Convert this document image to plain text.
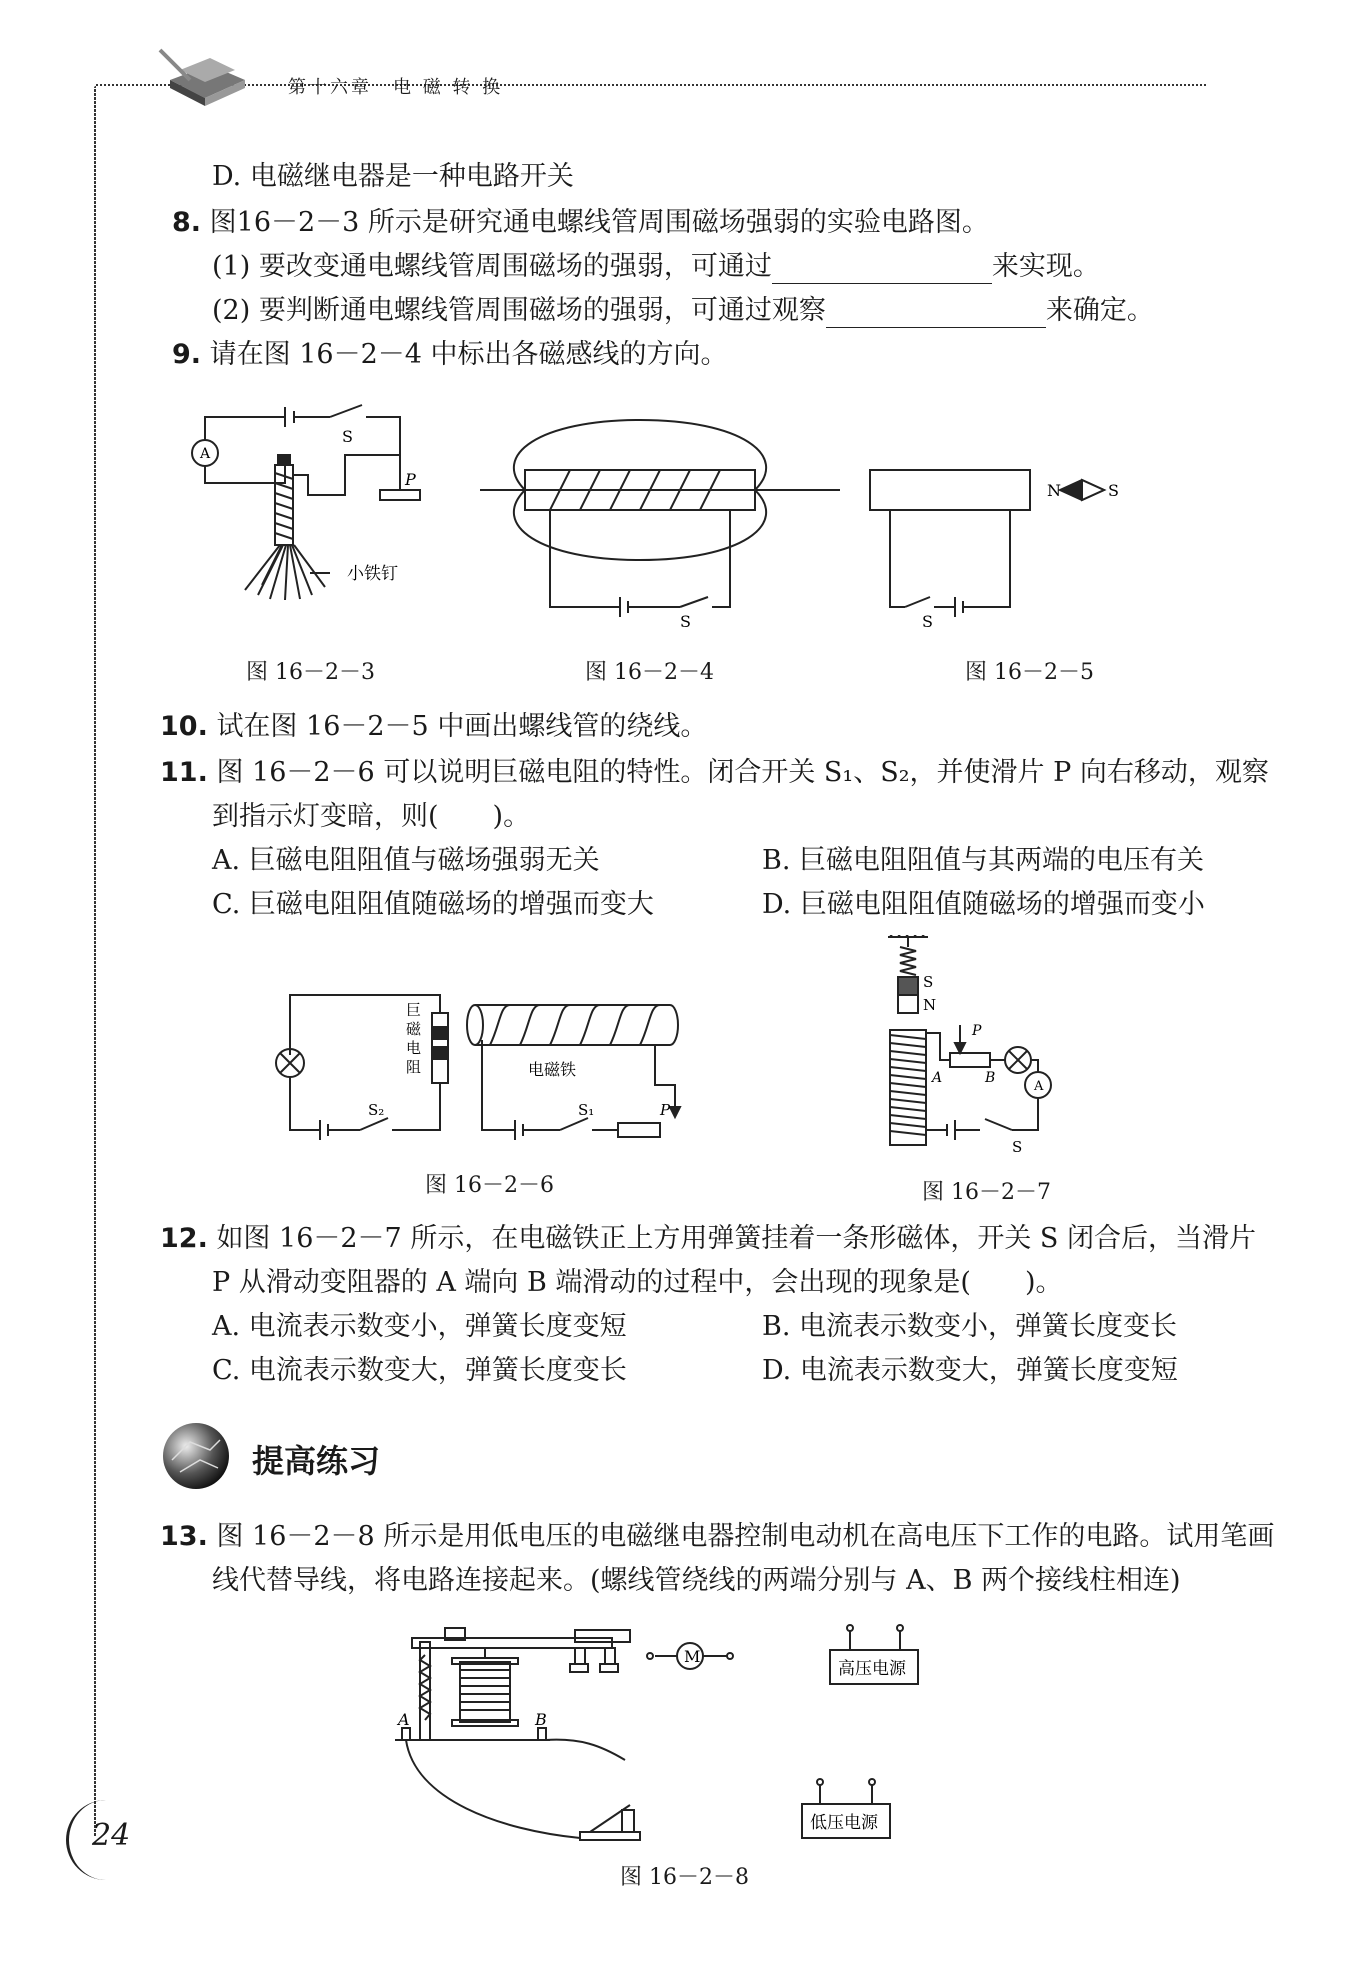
第十六章　电 磁 转 换
D. 电磁继电器是一种电路开关
8. 图16－2－3 所示是研究通电螺线管周围磁场强弱的实验电路图。
(1) 要改变通电螺线管周围磁场的强弱，可通过	来实现。
(2) 要判断通电螺线管周围磁场的强弱，可通过观察	来确定。
9. 请在图 16－2－4 中标出各磁感线的方向。
A
S
P
小铁钉
S
N	S
S
图 16－2－3	图 16－2－4	图 16－2－5
10. 试在图 16－2－5 中画出螺线管的绕线。
11. 图 16－2－6 可以说明巨磁电阻的特性。闭合开关 S₁、S₂，并使滑片 P 向右移动，观察
到指示灯变暗，则(　　)。
A. 巨磁电阻阻值与磁场强弱无关	B. 巨磁电阻阻值与其两端的电压有关
C. 巨磁电阻阻值随磁场的增强而变大	D. 巨磁电阻阻值随磁场的增强而变小
巨磁电阻	电磁铁
S₂	S₁	P
S
N
P
A	B
A
S
图 16－2－6	图 16－2－7
12. 如图 16－2－7 所示，在电磁铁正上方用弹簧挂着一条形磁体，开关 S 闭合后，当滑片
P 从滑动变阻器的 A 端向 B 端滑动的过程中，会出现的现象是(　　)。
A. 电流表示数变小，弹簧长度变短	B. 电流表示数变小，弹簧长度变长
C. 电流表示数变大，弹簧长度变长	D. 电流表示数变大，弹簧长度变短
提高练习
13. 图 16－2－8 所示是用低电压的电磁继电器控制电动机在高电压下工作的电路。试用笔画
线代替导线，将电路连接起来。(螺线管绕线的两端分别与 A、B 两个接线柱相连)
M
A	B
高压电源
低压电源
图 16－2－8
24
